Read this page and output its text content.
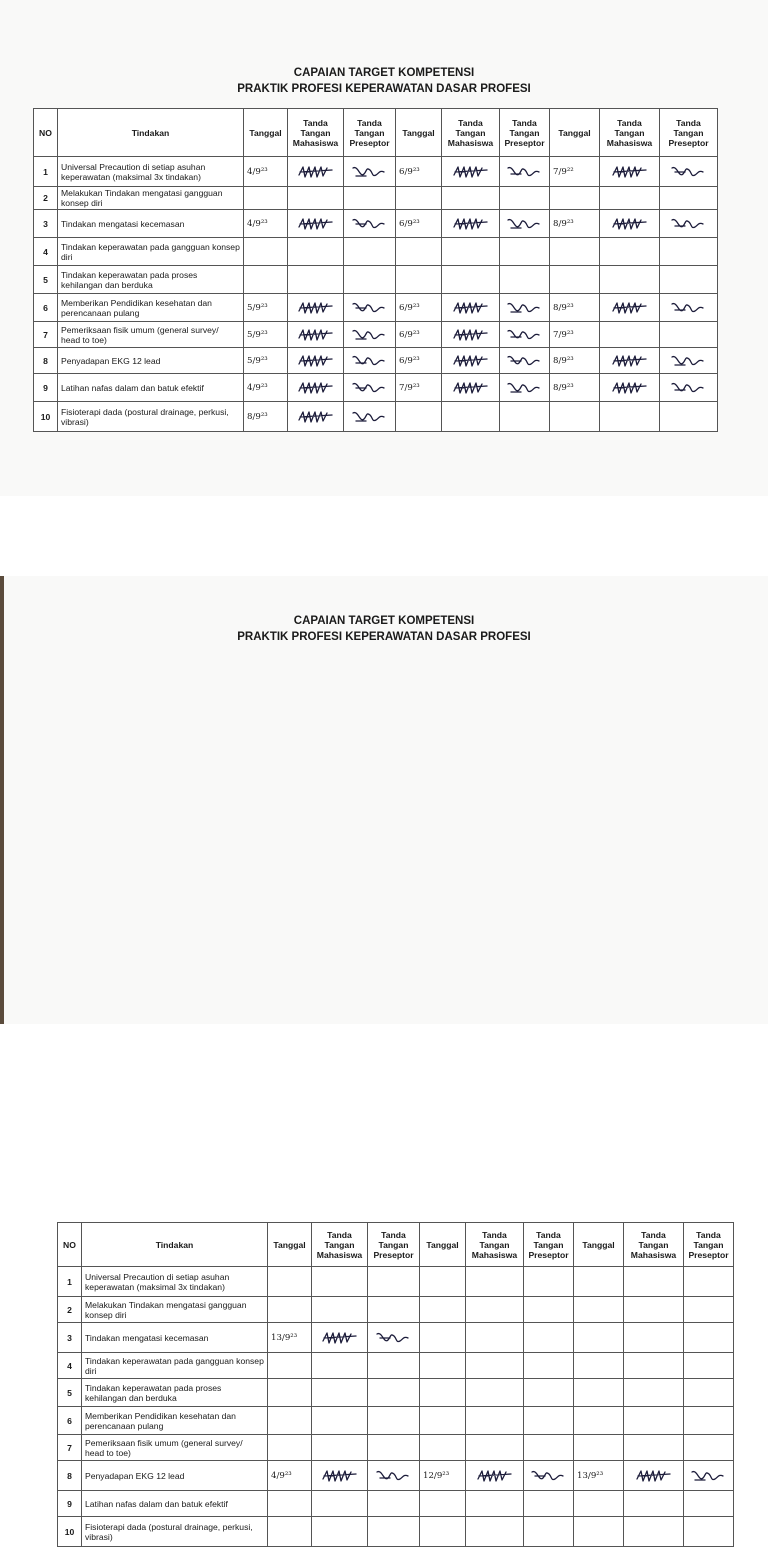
CAPAIAN TARGET KOMPETENSI
PRAKTIK PROFESI KEPERAWATAN DASAR PROFESI
NO	Tindakan	Tanggal	Tanda Tangan Mahasiswa	Tanda Tangan Preseptor	Tanggal	Tanda Tangan Mahasiswa	Tanda Tangan Preseptor	Tanggal	Tanda Tangan Mahasiswa	Tanda Tangan Preseptor
1	Universal Precaution di setiap asuhan keperawatan (maksimal 3x tindakan)	4/9²³			6/9²³			7/9²²	

2	Melakukan Tindakan mengatasi gangguan konsep diri									
3	Tindakan mengatasi kecemasan	4/9²³			6/9²³			8/9²³	

4	Tindakan keperawatan pada gangguan konsep diri									
5	Tindakan keperawatan pada proses kehilangan dan berduka									
6	Memberikan Pendidikan kesehatan dan perencanaan pulang	5/9²³			6/9²³			8/9²³	

7	Pemeriksaan fisik umum (general survey/ head to toe)	5/9²³			6/9²³			7/9²³		
8	Penyadapan EKG 12 lead	5/9²³			6/9²³			8/9²³	

9	Latihan nafas dalam dan batuk efektif	4/9²³			7/9²³			8/9²³	

10	Fisioterapi dada (postural drainage, perkusi, vibrasi)	8/9²³	

CAPAIAN TARGET KOMPETENSI
PRAKTIK PROFESI KEPERAWATAN DASAR PROFESI
NO	Tindakan	Tanggal	Tanda Tangan Mahasiswa	Tanda Tangan Preseptor	Tanggal	Tanda Tangan Mahasiswa	Tanda Tangan Preseptor	Tanggal	Tanda Tangan Mahasiswa	Tanda Tangan Preseptor
1	Universal Precaution di setiap asuhan keperawatan (maksimal 3x tindakan)									
2	Melakukan Tindakan mengatasi gangguan konsep diri									
3	Tindakan mengatasi kecemasan	13/9²³	

4	Tindakan keperawatan pada gangguan konsep diri									
5	Tindakan keperawatan pada proses kehilangan dan berduka									
6	Memberikan Pendidikan kesehatan dan perencanaan pulang									
7	Pemeriksaan fisik umum (general survey/ head to toe)									
8	Penyadapan EKG 12 lead	4/9²³			12/9²³			13/9²³	

9	Latihan nafas dalam dan batuk efektif									
10	Fisioterapi dada (postural drainage, perkusi, vibrasi)									
